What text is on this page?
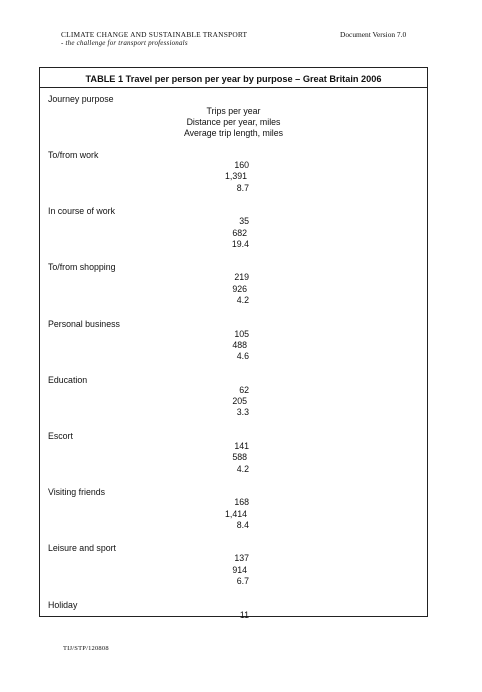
CLIMATE CHANGE AND SUSTAINABLE TRANSPORT
- the challenge for transport professionals
Document Version 7.0
TABLE 1 Travel per person per year by purpose – Great Britain 2006
Journey purpose
Trips per year
Distance per year, miles
Average trip length, miles
To/from work
160
1,391
8.7
In course of work
35
682
19.4
To/from shopping
219
926
4.2
Personal business
105
488
4.6
Education
62
205
3.3
Escort
141
588
4.2
Visiting friends
168
1,414
8.4
Leisure and sport
137
914
6.7
Holiday
11
TIJ/STP/120808
